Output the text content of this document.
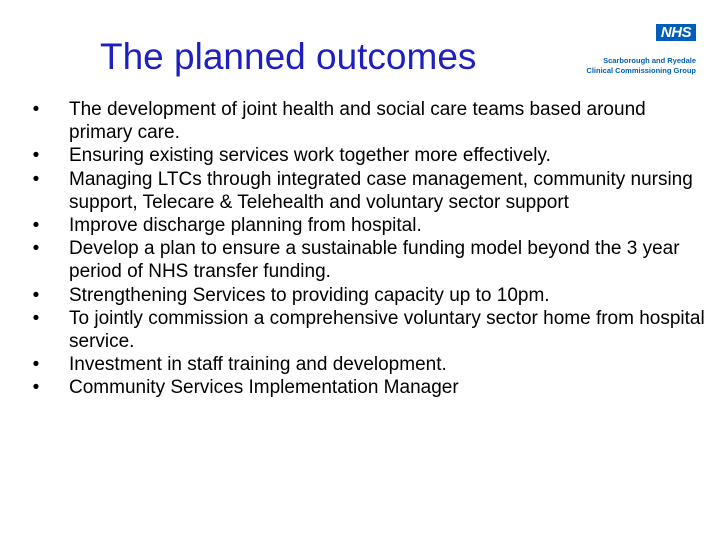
The planned outcomes
NHS
Scarborough and Ryedale
Clinical Commissioning Group
• The development of joint health and social care teams based around primary care.
• Ensuring existing services work together more effectively.
• Managing LTCs through integrated case management, community nursing support, Telecare & Telehealth and voluntary sector support
• Improve discharge planning from hospital.
• Develop a plan to ensure a sustainable funding model beyond the 3 year period of NHS transfer funding.
• Strengthening Services to providing capacity up to 10pm.
• To jointly commission a comprehensive voluntary sector home from hospital service.
• Investment in staff training and development.
• Community Services Implementation Manager
